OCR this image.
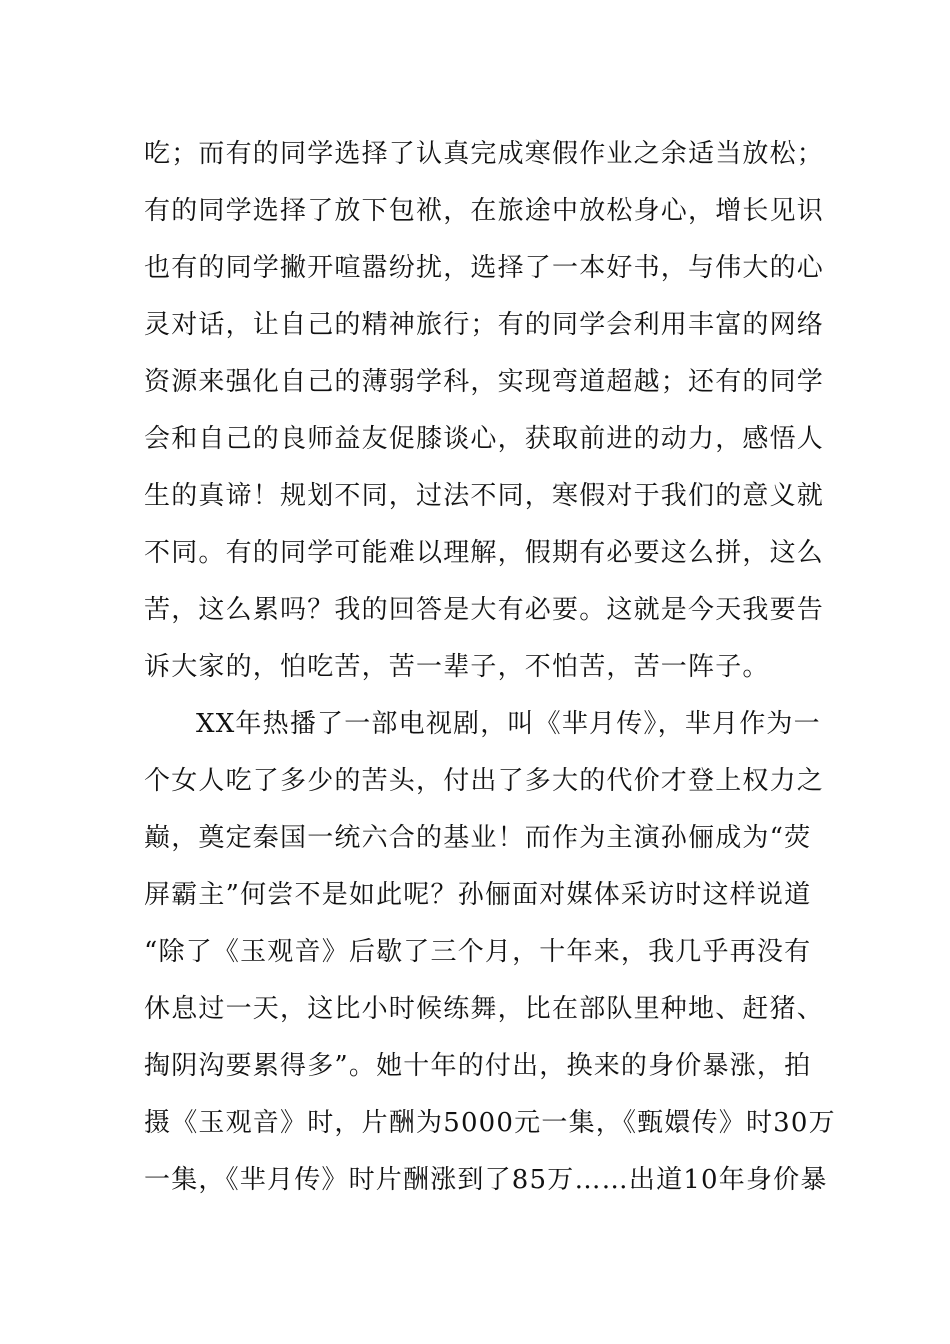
吃；而有的同学选择了认真完成寒假作业之余适当放松；
有的同学选择了放下包袱，在旅途中放松身心，增长见识
也有的同学撇开喧嚣纷扰，选择了一本好书，与伟大的心
灵对话，让自己的精神旅行；有的同学会利用丰富的网络
资源来强化自己的薄弱学科，实现弯道超越；还有的同学
会和自己的良师益友促膝谈心，获取前进的动力，感悟人
生的真谛！规划不同，过法不同，寒假对于我们的意义就
不同。有的同学可能难以理解，假期有必要这么拼，这么
苦，这么累吗？我的回答是大有必要。这就是今天我要告
诉大家的，怕吃苦，苦一辈子，不怕苦，苦一阵子。
XX年热播了一部电视剧，叫《芈月传》，芈月作为一
个女人吃了多少的苦头，付出了多大的代价才登上权力之
巅，奠定秦国一统六合的基业！而作为主演孙俪成为“荧
屏霸主”何尝不是如此呢？孙俪面对媒体采访时这样说道
“除了《玉观音》后歇了三个月，十年来，我几乎再没有
休息过一天，这比小时候练舞，比在部队里种地、赶猪、
掏阴沟要累得多”。她十年的付出，换来的身价暴涨，拍
摄《玉观音》时，片酬为5000元一集，《甄嬛传》时30万
一集，《芈月传》时片酬涨到了85万……出道10年身价暴
